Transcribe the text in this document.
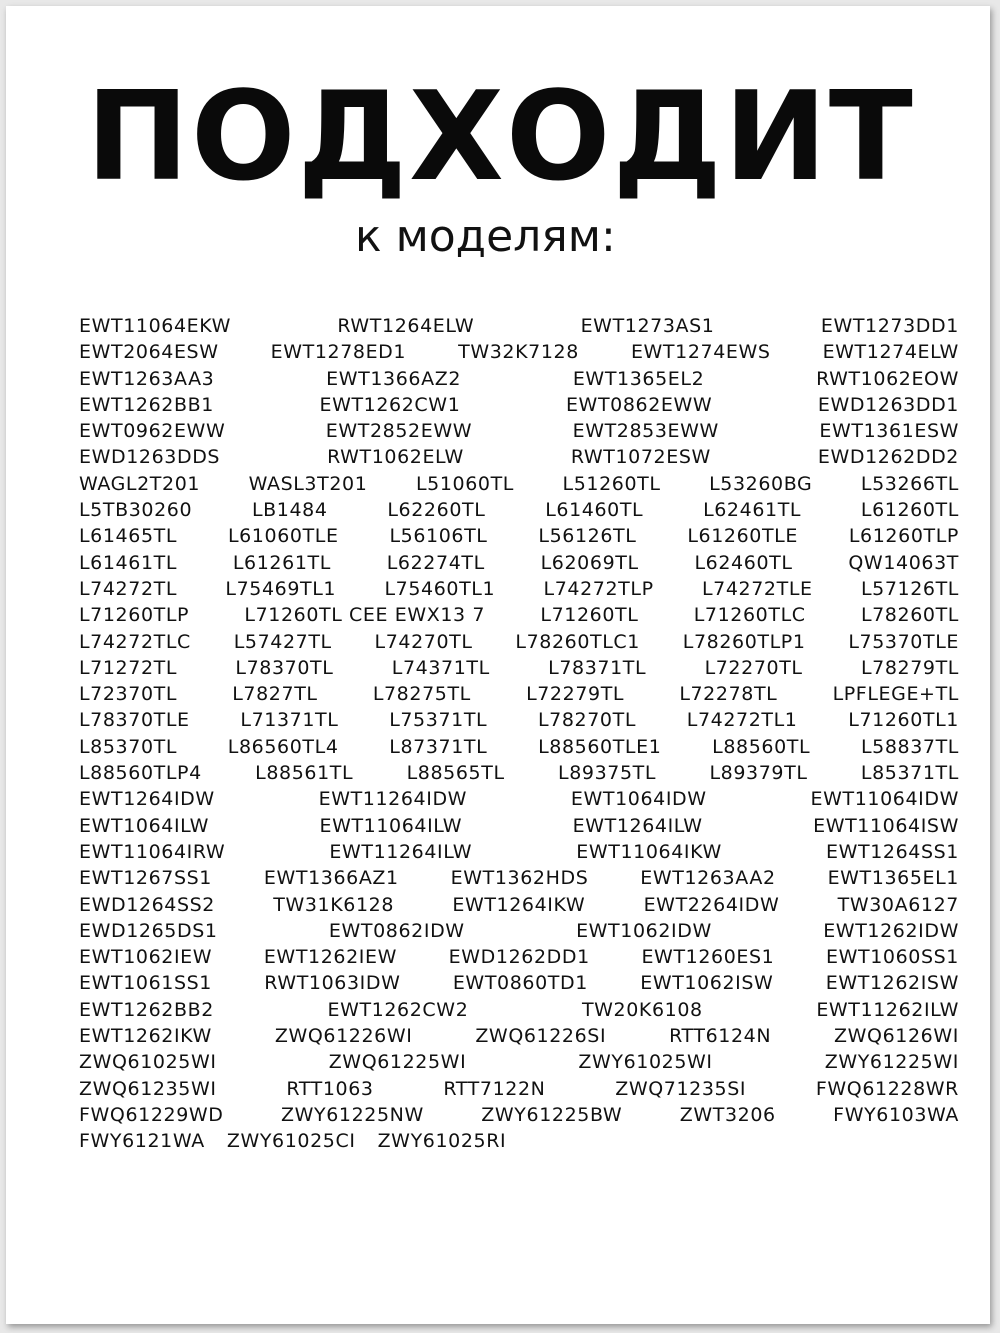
ПОДХОДИТ
к моделям:
EWT11064EKW	RWT1264ELW	EWT1273AS1	EWT1273DD1
EWT2064ESW	EWT1278ED1	TW32K7128	EWT1274EWS	EWT1274ELW
EWT1263AA3	EWT1366AZ2	EWT1365EL2	RWT1062EOW
EWT1262BB1	EWT1262CW1	EWT0862EWW	EWD1263DD1
EWT0962EWW	EWT2852EWW	EWT2853EWW	EWT1361ESW
EWD1263DDS	RWT1062ELW	RWT1072ESW	EWD1262DD2
WAGL2T201	WASL3T201	L51060TL	L51260TL	L53260BG	L53266TL
L5TB30260	LB1484	L62260TL	L61460TL	L62461TL	L61260TL
L61465TL	L61060TLE	L56106TL	L56126TL	L61260TLE	L61260TLP
L61461TL	L61261TL	L62274TL	L62069TL	L62460TL	QW14063T
L74272TL	L75469TL1	L75460TL1	L74272TLP	L74272TLE	L57126TL
L71260TLP	L71260TL CEE EWX13 7	L71260TL	L71260TLC	L78260TL
L74272TLC L57427TL L74270TL L78260TLC1 L78260TLP1 L75370TLE
L71272TL	L78370TL	L74371TL	L78371TL	L72270TL	L78279TL
L72370TL	L7827TL	L78275TL	L72279TL	L72278TL	LPFLEGE+TL
L78370TLE	L71371TL	L75371TL	L78270TL	L74272TL1	L71260TL1
L85370TL	L86560TL4	L87371TL	L88560TLE1	L88560TL	L58837TL
L88560TLP4	L88561TL	L88565TL	L89375TL	L89379TL	L85371TL
EWT1264IDW	EWT11264IDW	EWT1064IDW	EWT11064IDW
EWT1064ILW	EWT11064ILW	EWT1264ILW	EWT11064ISW
EWT11064IRW	EWT11264ILW	EWT11064IKW	EWT1264SS1
EWT1267SS1	EWT1366AZ1	EWT1362HDS	EWT1263AA2	EWT1365EL1
EWD1264SS2	TW31K6128	EWT1264IKW	EWT2264IDW	TW30A6127
EWD1265DS1	EWT0862IDW	EWT1062IDW	EWT1262IDW
EWT1062IEW	EWT1262IEW	EWD1262DD1	EWT1260ES1	EWT1060SS1
EWT1061SS1	RWT1063IDW	EWT0860TD1	EWT1062ISW	EWT1262ISW
EWT1262BB2	EWT1262CW2	TW20K6108	EWT11262ILW
EWT1262IKW	ZWQ61226WI	ZWQ61226SI	RTT6124N	ZWQ6126WI
ZWQ61025WI	ZWQ61225WI	ZWY61025WI	ZWY61225WI
ZWQ61235WI	RTT1063	RTT7122N	ZWQ71235SI	FWQ61228WR
FWQ61229WD	ZWY61225NW	ZWY61225BW	ZWT3206	FWY6103WA
FWY6121WA ZWY61025CI ZWY61025RI
